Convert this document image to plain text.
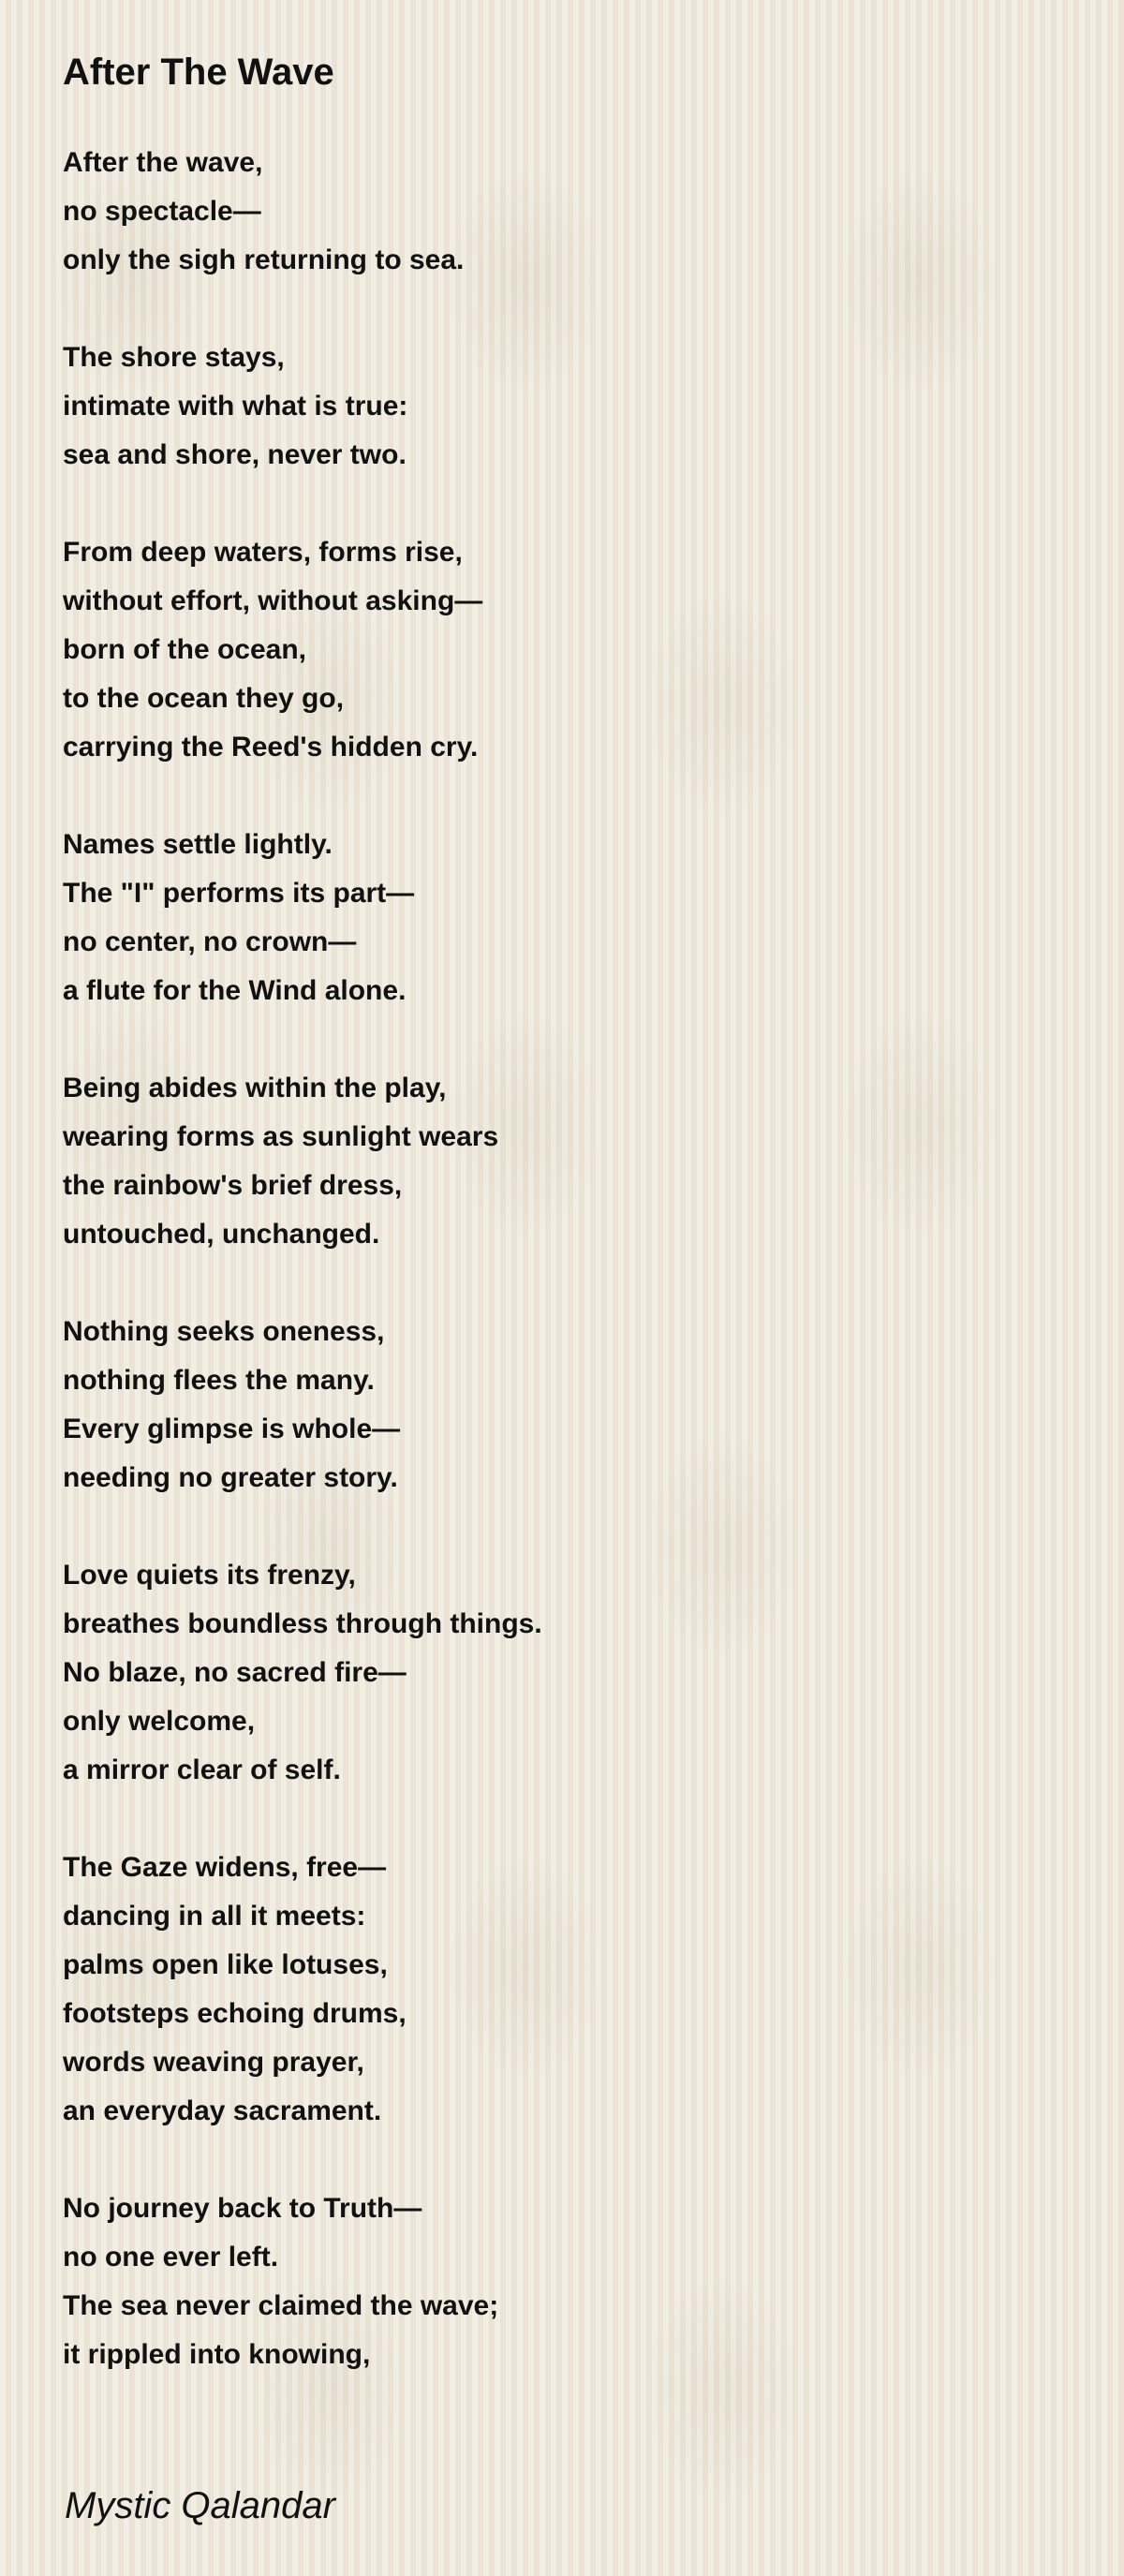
After The Wave
After the wave,
no spectacle—
only the sigh returning to sea.
The shore stays,
intimate with what is true:
sea and shore, never two.
From deep waters, forms rise,
without effort, without asking—
born of the ocean,
to the ocean they go,
carrying the Reed's hidden cry.
Names settle lightly.
The "I" performs its part—
no center, no crown—
a flute for the Wind alone.
Being abides within the play,
wearing forms as sunlight wears
the rainbow's brief dress,
untouched, unchanged.
Nothing seeks oneness,
nothing flees the many.
Every glimpse is whole—
needing no greater story.
Love quiets its frenzy,
breathes boundless through things.
No blaze, no sacred fire—
only welcome,
a mirror clear of self.
The Gaze widens, free—
dancing in all it meets:
palms open like lotuses,
footsteps echoing drums,
words weaving prayer,
an everyday sacrament.
No journey back to Truth—
no one ever left.
The sea never claimed the wave;
it rippled into knowing,
Mystic Qalandar
